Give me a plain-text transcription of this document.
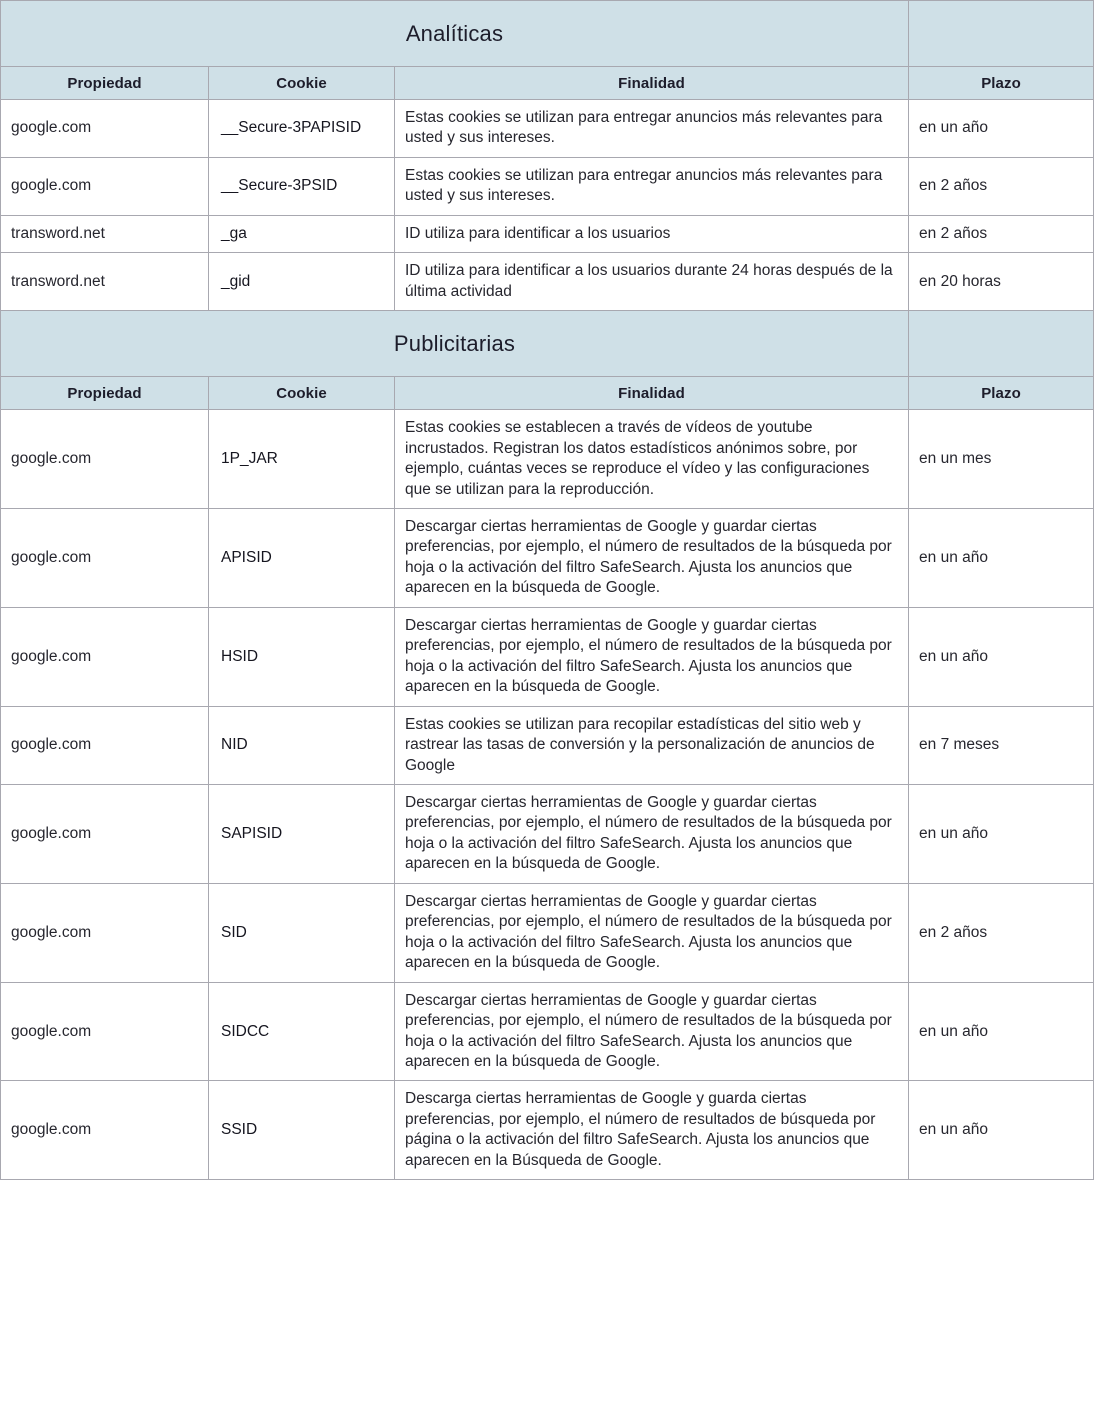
Analíticas			
Propiedad	Cookie	Finalidad	Plazo
google.com	__Secure-3PAPISID	Estas cookies se utilizan para entregar anuncios más relevantes para usted y sus intereses.	en un año
google.com	__Secure-3PSID	Estas cookies se utilizan para entregar anuncios más relevantes para usted y sus intereses.	en 2 años
transword.net	_ga	ID utiliza para identificar a los usuarios	en 2 años
transword.net	_gid	ID utiliza para identificar a los usuarios durante 24 horas después de la última actividad	en 20 horas
Publicitarias			
Propiedad	Cookie	Finalidad	Plazo
google.com	1P_JAR	Estas cookies se establecen a través de vídeos de youtube incrustados. Registran los datos estadísticos anónimos sobre, por ejemplo, cuántas veces se reproduce el vídeo y las configuraciones que se utilizan para la reproducción.	en un mes
google.com	APISID	Descargar ciertas herramientas de Google y guardar ciertas preferencias, por ejemplo, el número de resultados de la búsqueda por hoja o la activación del filtro SafeSearch. Ajusta los anuncios que aparecen en la búsqueda de Google.	en un año
google.com	HSID	Descargar ciertas herramientas de Google y guardar ciertas preferencias, por ejemplo, el número de resultados de la búsqueda por hoja o la activación del filtro SafeSearch. Ajusta los anuncios que aparecen en la búsqueda de Google.	en un año
google.com	NID	Estas cookies se utilizan para recopilar estadísticas del sitio web y rastrear las tasas de conversión y la personalización de anuncios de Google	en 7 meses
google.com	SAPISID	Descargar ciertas herramientas de Google y guardar ciertas preferencias, por ejemplo, el número de resultados de la búsqueda por hoja o la activación del filtro SafeSearch. Ajusta los anuncios que aparecen en la búsqueda de Google.	en un año
google.com	SID	Descargar ciertas herramientas de Google y guardar ciertas preferencias, por ejemplo, el número de resultados de la búsqueda por hoja o la activación del filtro SafeSearch. Ajusta los anuncios que aparecen en la búsqueda de Google.	en 2 años
google.com	SIDCC	Descargar ciertas herramientas de Google y guardar ciertas preferencias, por ejemplo, el número de resultados de la búsqueda por hoja o la activación del filtro SafeSearch. Ajusta los anuncios que aparecen en la búsqueda de Google.	en un año
google.com	SSID	Descarga ciertas herramientas de Google y guarda ciertas preferencias, por ejemplo, el número de resultados de búsqueda por página o la activación del filtro SafeSearch. Ajusta los anuncios que aparecen en la Búsqueda de Google.	en un año
